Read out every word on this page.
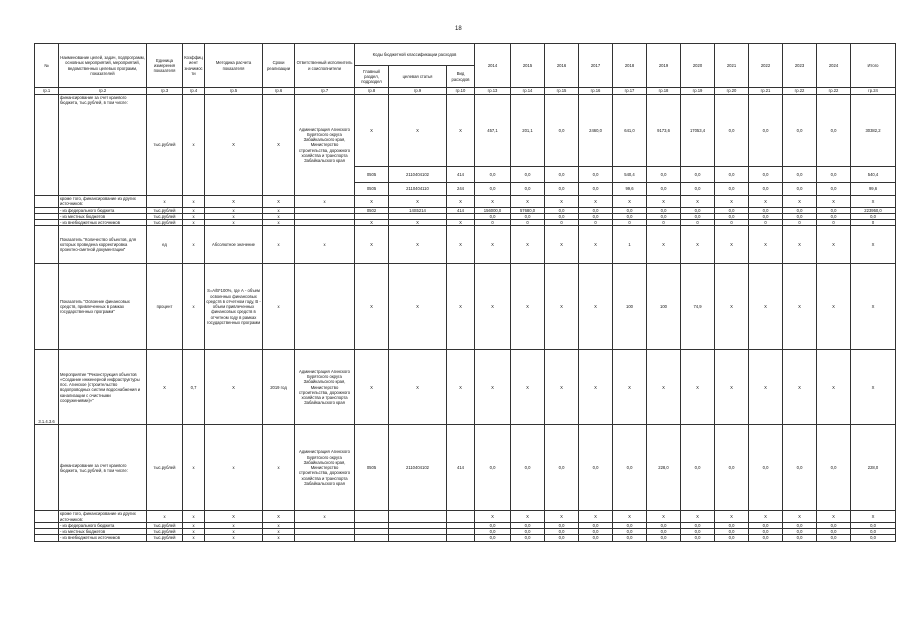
18
№	Наименование целей, задач, подпрограмм, основных мероприятий, мероприятий, ведомственных целевых программ, показателей	Единица измерения показателя	Коэффициент значимости	Методика расчета показателя	Сроки реализации	Ответственный исполнитель и соисполнители	Коды бюджетной классификации расходов			2014	2015	2016	2017	2018	2019	2020	2021	2022	2023	2024	Итого
							Главный раздел, подраздел	целевая статья	Вид расходов												
гр.1	гр.2	гр.3	гр.4	гр.5	гр.6	гр.7	гр.8	гр.9	гр.10	гр.13	гр.14	гр.15	гр.16	гр.17	гр.18	гр.19	гр.20	гр.21	гр.22	гр.22	гр.24
	финансирование за счет краевого бюджета, тыс.рублей, в том числе:	тыс.рублей	x	X	X	Администрация Агинского Бурятского округа Забайкальского края, Министерство строительства, дорожного хозяйства и транспорта Забайкальского края	X	X	X	457,1	201,1	0,0	2460,0	641,0	9173,6	17053,4	0,0	0,0	0,0	0,0	30382,2
							0505	2110404102	414	0,0	0,0	0,0	0,0	540,4	0,0	0,0	0,0	0,0	0,0	0,0	540,4
							0505	2110404110	244	0,0	0,0	0,0	0,0	99,6	0,0	0,0	0,0	0,0	0,0	0,0	99,6
	кроме того, финансирование из других источников:	x	x	X	X	x	X	X	X	X	X	X	X	X	X	X	X	X	X	X	X
	- из федерального бюджета	тыс.рублей	x	x	x		0502	14S5214	414	156000,0	57680,0	0,0	0,0	0,0	0,0	0,0	0,0	0,0	0,0	0,0	223950,0
	- из местных бюджетов	тыс.рублей	x	x	x					0,0	0,0	0,0	0,0	0,0	0,0	0,0	0,0	0,0	0,0	0,0	0,0
	- из внебюджетных источников	тыс.рублей	x	x	x		X	X	X	0	0	0	0	0	0	0	0	0	0	0	0
	Показатель "Количество объектов, для которых проведена корректировка проектно-сметной документации"	ед	x	Абсолютное значение	x	x	X	X	X	X	X	X	X	1	X	X	X	X	X	X	X
	Показатель "Освоение финансовых средств, привлеченных в рамках государственных программ"	процент	x	S=A/B*100%, где А - объем освоенных финансовых средств в отчетном году, В - объем привлеченных финансовых средств в отчетном году в рамках государственных программ	x		X	X	X	X	X	X	X	100	100	74,9	X	X	X	X	X
3.1.4.3.6	Мероприятие "Реконструкция объектов «Создание инженерной инфраструктуры пос. Агинское (строительство водопроводных систем водоснабжения и канализации с очистными сооружениями)»"	X	0,7	X	2019 год	Администрация Агинского Бурятского округа Забайкальского края, Министерство строительства, дорожного хозяйства и транспорта Забайкальского края	X	X	X	X	X	X	X	X	X	X	X	X	X	X	X
	финансирование за счет краевого бюджета, тыс.рублей, в том числе:	тыс.рублей	x	x	x	Администрация Агинского Бурятского округа Забайкальского края, Министерство строительства, дорожного хозяйства и транспорта Забайкальского края	0505	2110404102	414	0,0	0,0	0,0	0,0	0,0	228,0	0,0	0,0	0,0	0,0	0,0	228,0
	кроме того, финансирование из других источников:	x	x	X	X	x				X	X	X	X	X	X	X	X	X	X	X	X
	- из федерального бюджета	тыс.рублей	x	x	x					0,0	0,0	0,0	0,0	0,0	0,0	0,0	0,0	0,0	0,0	0,0	0,0
	- из местных бюджетов	тыс.рублей	x	x	x					0,0	0,0	0,0	0,0	0,0	0,0	0,0	0,0	0,0	0,0	0,0	0,0
	- из внебюджетных источников	тыс.рублей	x	x	x					0,0	0,0	0,0	0,0	0,0	0,0	0,0	0,0	0,0	0,0	0,0	0,0
